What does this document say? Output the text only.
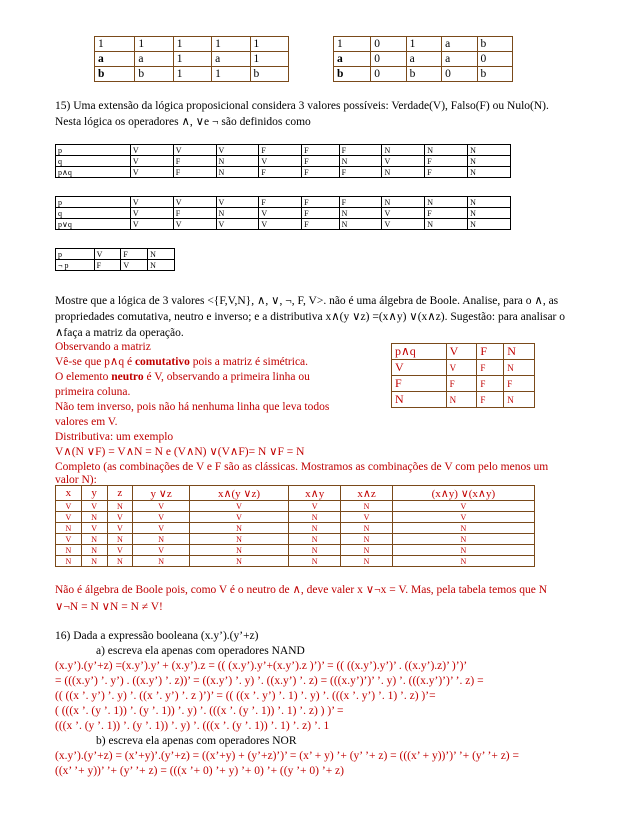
1	1	1	1	1
a	a	1	a	1
b	b	1	1	b
1	0	1	a	b
a	0	a	a	0
b	0	b	0	b
15) Uma extensão da lógica proposicional considera 3 valores possíveis: Verdade(V), Falso(F) ou Nulo(N).
Nesta lógica os operadores ∧, ∨e ¬ são definidos como
p	V	V	V	F	F	F	N	N	N
q	V	F	N	V	F	N	V	F	N
p∧q	V	F	N	F	F	F	N	F	N
p	V	V	V	F	F	F	N	N	N
q	V	F	N	V	F	N	V	F	N
p∨q	V	V	V	V	F	N	V	N	N
p	V	F	N
¬ p	F	V	N
Mostre que a lógica de 3 valores <{F,V,N}, ∧, ∨, ¬, F, V>. não é uma álgebra de Boole. Analise, para o ∧, as
propriedades comutativa, neutro e inverso; e a distributiva x∧(y ∨z) =(x∧y) ∨(x∧z). Sugestão: para analisar o
∧faça a matriz da operação.
Observando a matriz
Vê-se que p∧q é comutativo pois a matriz é simétrica.
O elemento neutro é V, observando a primeira linha ou
primeira coluna.
Não tem inverso, pois não há nenhuma linha que leva todos
valores em V.
Distributiva: um exemplo
V∧(N ∨F) = V∧N = N e (V∧N) ∨(V∧F)= N ∨F = N
Completo (as combinações de V e F são as clássicas. Mostramos as combinações de V com pelo menos um
valor N):
p∧q	V	F	N
V	V	F	N
F	F	F	F
N	N	F	N
x	y	z	y ∨z	x∧(y ∨z)	x∧y	x∧z	(x∧y) ∨(x∧y)
V	V	N	V	V	V	N	V
V	N	V	V	V	N	V	V
N	V	V	V	N	N	N	N
V	N	N	N	N	N	N	N
N	N	V	V	N	N	N	N
N	N	N	N	N	N	N	N
Não é álgebra de Boole pois, como V é o neutro de ∧, deve valer x ∨¬x = V. Mas, pela tabela temos que N
∨¬N = N ∨N = N ≠ V!
16) Dada a expressão booleana (x.y’).(y’+z)
a) escreva ela apenas com operadores NAND
(x.y’).(y’+z) =(x.y’).y’ + (x.y’).z = (( (x.y’).y’+(x.y’).z )’)’ = (( ((x.y’).y’)’ . ((x.y’).z)’ )’)’
= (((x.y’) ’. y’) . ((x.y’) ’. z))’ = ((x.y’) ’. y) ’. ((x.y’) ’. z) = (((x.y’)’)’ ’. y) ’. (((x.y’)’)’ ’. z) =
(( ((x ’. y’) ’. y) ’. ((x ’. y’) ’. z )’)’ = (( ((x ’. y’) ’. 1) ’. y) ’. (((x ’. y’) ’. 1) ’. z) )’=
( (((x ’. (y ’. 1)) ’. (y ’. 1)) ’. y) ’. (((x ’. (y ’. 1)) ’. 1) ’. z) ) )’ =
(((x ’. (y ’. 1)) ’. (y ’. 1)) ’. y) ’. (((x ’. (y ’. 1)) ’. 1) ’. z) ’. 1
b) escreva ela apenas com operadores NOR
(x.y’).(y’+z) = (x’+y)’.(y’+z) = ((x’+y) + (y’+z)’)’ = (x’ + y) ’+ (y’ ’+ z) = (((x’ + y))’)’ ’+ (y’ ’+ z) =
((x’ ’+ y))’ ’+ (y’ ’+ z) = (((x ’+ 0) ’+ y) ’+ 0) ’+ ((y ’+ 0) ’+ z)
